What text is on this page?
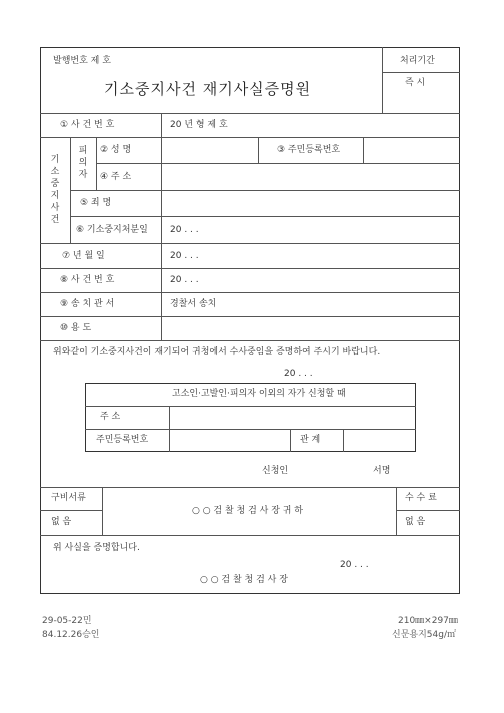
발행번호 제 호	처리기간
즉 시
기소중지사건 재기사실증명원
① 사 건 번 호	20 년 형 제 호
기소중지사건
피의자
② 성 명	③ 주민등록번호
④ 주 소
⑤ 죄 명
⑥ 기소중지처분일 20 . . .
⑦ 년 월 일	20 . . .
⑧ 사 건 번 호	20 . . .
⑨ 송 치 관 서	경찰서 송치
⑩ 용 도
위와같이 기소중지사건이 재기되어 귀청에서 수사중임을 증명하여 주시기 바랍니다.
20 . . .
고소인·고발인·피의자 이외의 자가 신청할 때
주 소
주민등록번호	관 계
신청인	서명
구비서류
없 음
○ ○ 검 찰 청 검 사 장 귀 하
수 수 료
없 음
위 사실을 증명합니다.
20 . . .
○ ○ 검 찰 청 검 사 장
29-05-22민
84.12.26승인
210㎜×297㎜
신문용지54g/㎡
